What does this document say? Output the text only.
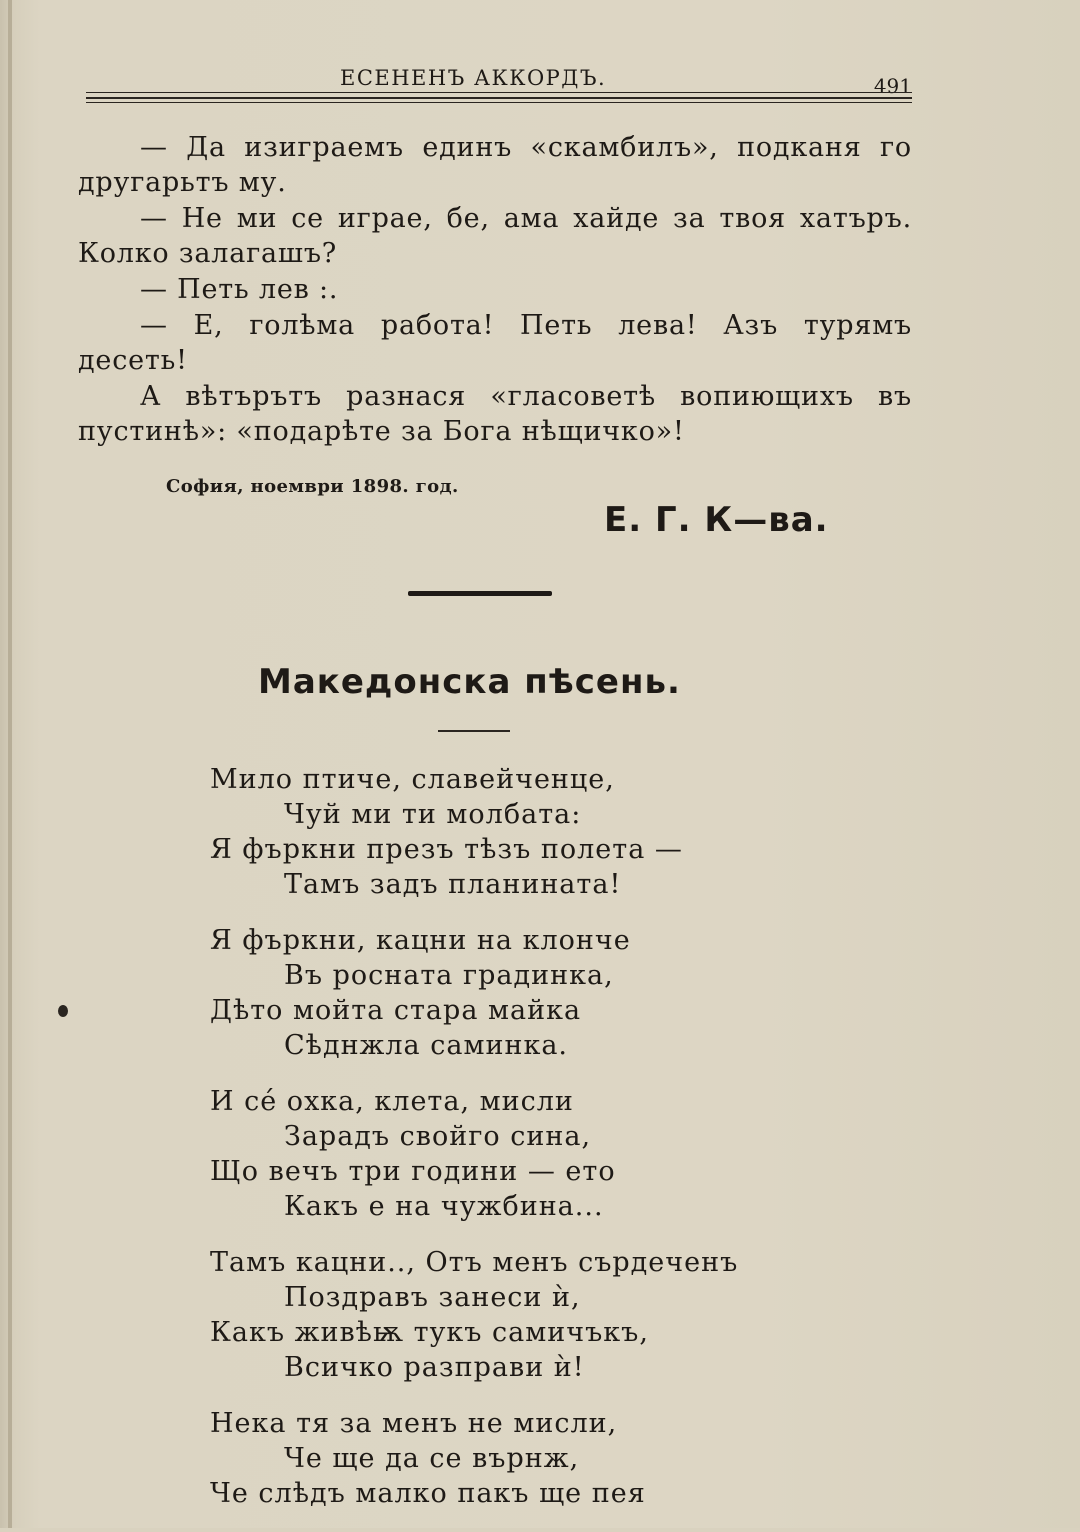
ЕСЕНЕНЪ АККОРДЪ.	491

— Да изиграемъ единъ «скамбилъ», подканя го другарьтъ му.

— Не ми се играе, бе, ама хайде за твоя хатъръ. Колко залагашъ?

— Петь лев :.

— Е, голѣма работа! Петь лева! Азъ турямъ десеть!

А вѣтърътъ разнася «гласоветѣ вопиющихъ въ пустинѣ»: «подарѣте за Бога нѣщичко»!

София, ноември 1898. год.
Е. Г. К—ва.
Македонска пѣсень.
Мило птиче, славейченце,
Чуй ми ти молбата:
Я фъркни презъ тѣзъ полета —
Тамъ задъ планината!
Я фъркни, кацни на клонче
Въ росната градинка,
Дѣто мойта стара майка
Сѣднжла саминка.
И се́ охка, клета, мисли
Зарадъ свойго сина,
Що вечъ три години — ето
Какъ е на чужбина...
Тамъ кацни.., Отъ менъ сърдеченъ
Поздравъ занеси ѝ,
Какъ живѣѭ тукъ самичъкъ,
Всичко разправи ѝ!
Нека тя за менъ не мисли,
Че ще да се върнж,
Че слѣдъ малко пакъ ще пея
